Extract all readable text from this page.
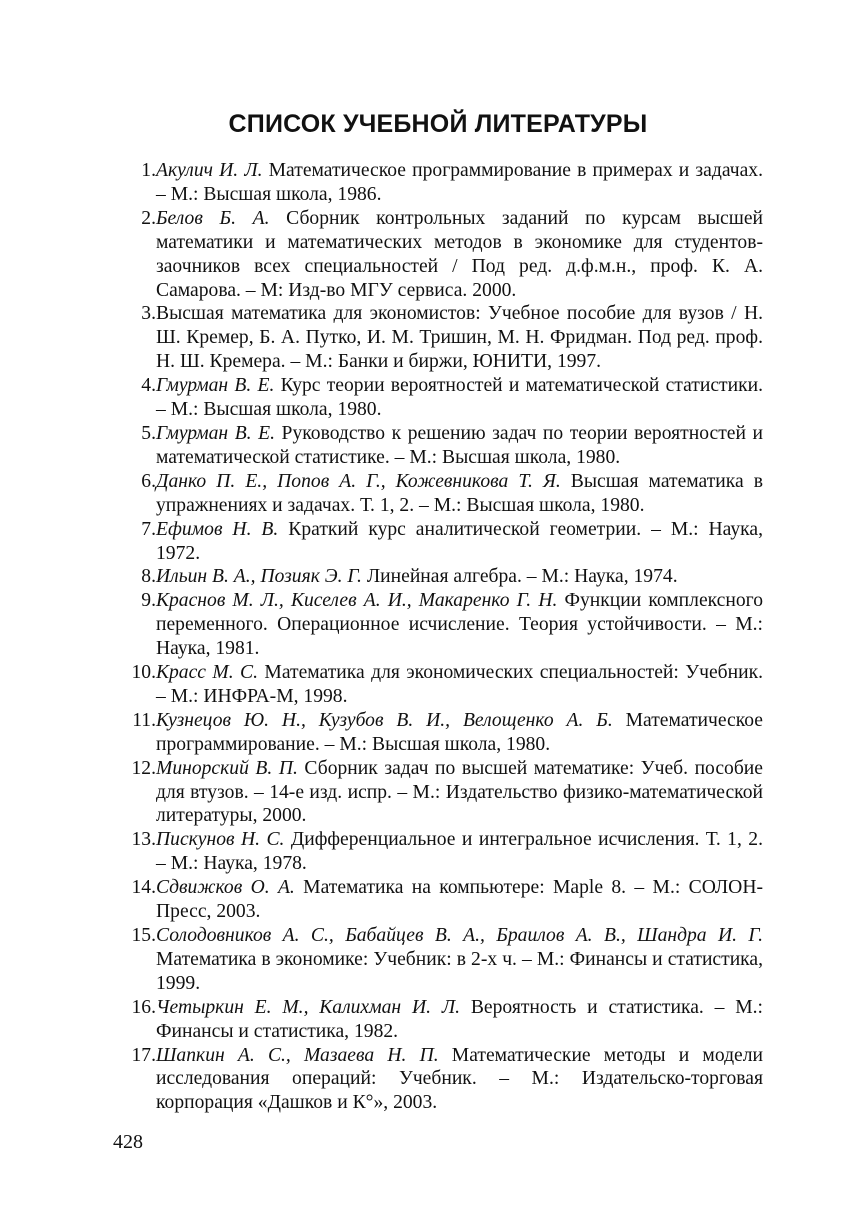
СПИСОК УЧЕБНОЙ ЛИТЕРАТУРЫ
1. Акулич И. Л. Математическое программирование в примерах и задачах. – М.: Высшая школа, 1986.
2. Белов Б. А. Сборник контрольных заданий по курсам высшей математики и математических методов в экономике для студентов-заочников всех специальностей / Под ред. д.ф.м.н., проф. К. А. Самарова. – М: Изд-во МГУ сервиса. 2000.
3. Высшая математика для экономистов: Учебное пособие для вузов / Н. Ш. Кремер, Б. А. Путко, И. М. Тришин, М. Н. Фридман. Под ред. проф. Н. Ш. Кремера. – М.: Банки и биржи, ЮНИТИ, 1997.
4. Гмурман В. Е. Курс теории вероятностей и математической статистики. – М.: Высшая школа, 1980.
5. Гмурман В. Е. Руководство к решению задач по теории вероятностей и математической статистике. – М.: Высшая школа, 1980.
6. Данко П. Е., Попов А. Г., Кожевникова Т. Я. Высшая математика в упражнениях и задачах. Т. 1, 2. – М.: Высшая школа, 1980.
7. Ефимов Н. В. Краткий курс аналитической геометрии. – М.: Наука, 1972.
8. Ильин В. А., Позияк Э. Г. Линейная алгебра. – М.: Наука, 1974.
9. Краснов М. Л., Киселев А. И., Макаренко Г. Н. Функции комплексного переменного. Операционное исчисление. Теория устойчивости. – М.: Наука, 1981.
10. Красс М. С. Математика для экономических специальностей: Учебник. – М.: ИНФРА-М, 1998.
11. Кузнецов Ю. Н., Кузубов В. И., Велощенко А. Б. Математическое программирование. – М.: Высшая школа, 1980.
12. Минорский В. П. Сборник задач по высшей математике: Учеб. пособие для втузов. – 14-е изд. испр. – М.: Издательство физико-математической литературы, 2000.
13. Пискунов Н. С. Дифференциальное и интегральное исчисления. Т. 1, 2. – М.: Наука, 1978.
14. Сдвижков О. А. Математика на компьютере: Maple 8. – М.: СОЛОН-Пресс, 2003.
15. Солодовников А. С., Бабайцев В. А., Браилов А. В., Шандра И. Г. Математика в экономике: Учебник: в 2-х ч. – М.: Финансы и статистика, 1999.
16. Четыркин Е. М., Калихман И. Л. Вероятность и статистика. – М.: Финансы и статистика, 1982.
17. Шапкин А. С., Мазаева Н. П. Математические методы и модели исследования операций: Учебник. – М.: Издательско-торговая корпорация «Дашков и К°», 2003.

428
